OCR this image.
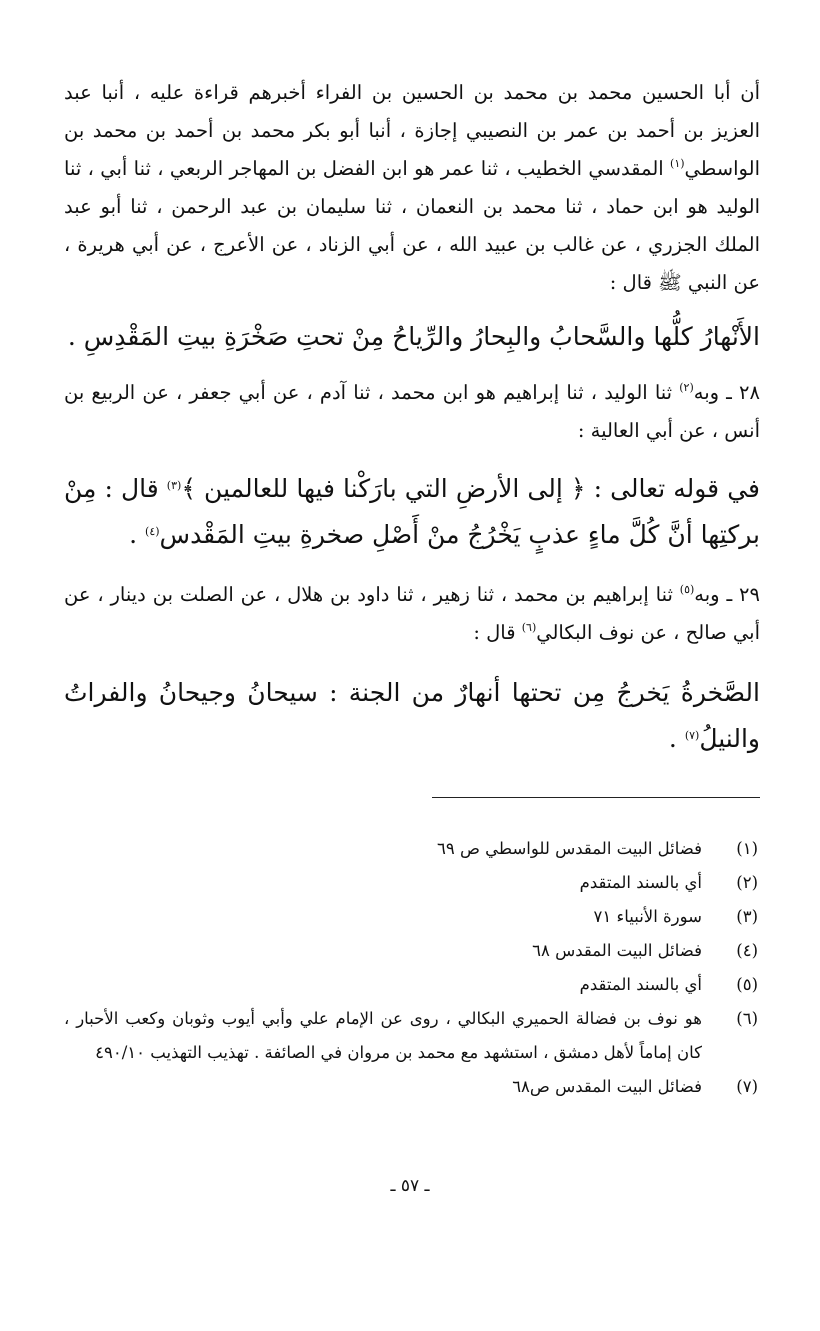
أن أبا الحسين محمد بن محمد بن الحسين بن الفراء أخبرهم قراءة عليه ، أنبا عبد العزيز بن أحمد بن عمر بن النصيبي إجازة ، أنبا أبو بكر محمد بن أحمد بن محمد بن الواسطي$^{(١)}$ المقدسي الخطيب ، ثنا عمر هو ابن الفضل بن المهاجر الربعي ، ثنا أبي ، ثنا الوليد هو ابن حماد ، ثنا محمد بن النعمان ، ثنا سليمان بن عبد الرحمن ، ثنا أبو عبد الملك الجزري ، عن غالب بن عبيد الله ، عن أبي الزناد ، عن الأعرج ، عن أبي هريرة ، عن النبي ﷺ قال :

الأَنْهارُ كلُّها والسَّحابُ والبِحارُ والرِّياحُ مِنْ تحتِ صَخْرَةِ بيتِ المَقْدِسِ .

٢٨ ـ وبه$^{(٢)}$ ثنا الوليد ، ثنا إبراهيم هو ابن محمد ، ثنا آدم ، عن أبي جعفر ، عن الربيع بن أنس ، عن أبي العالية :

في قوله تعالى : ﴿ إلى الأرضِ التي بارَكْنا فيها للعالمين ﴾$^{(٣)}$ قال : مِنْ بركتِها أنَّ كُلَّ ماءٍ عذبٍ يَخْرُجُ منْ أَصْلِ صخرةِ بيتِ المَقْدس$^{(٤)}$ .

٢٩ ـ وبه$^{(٥)}$ ثنا إبراهيم بن محمد ، ثنا زهير ، ثنا داود بن هلال ، عن الصلت بن دينار ، عن أبي صالح ، عن نوف البكالي$^{(٦)}$ قال :

الصَّخرةُ يَخرجُ مِن تحتها أنهارٌ من الجنة : سيحانُ وجيحانُ والفراتُ والنيلُ$^{(٧)}$ .

(١)
فضائل البيت المقدس للواسطي ص ٦٩
(٢)
أي بالسند المتقدم
(٣)
سورة الأنبياء ٧١
(٤)
فضائل البيت المقدس ٦٨
(٥)
أي بالسند المتقدم
(٦)
هو نوف بن فضالة الحميري البكالي ، روى عن الإمام علي وأبي أيوب وثوبان وكعب الأحبار ، كان إماماً لأهل دمشق ، استشهد مع محمد بن مروان في الصائفة . تهذيب التهذيب ٤٩٠/١٠
(٧)
فضائل البيت المقدس ص٦٨
ـ ٥٧ ـ
